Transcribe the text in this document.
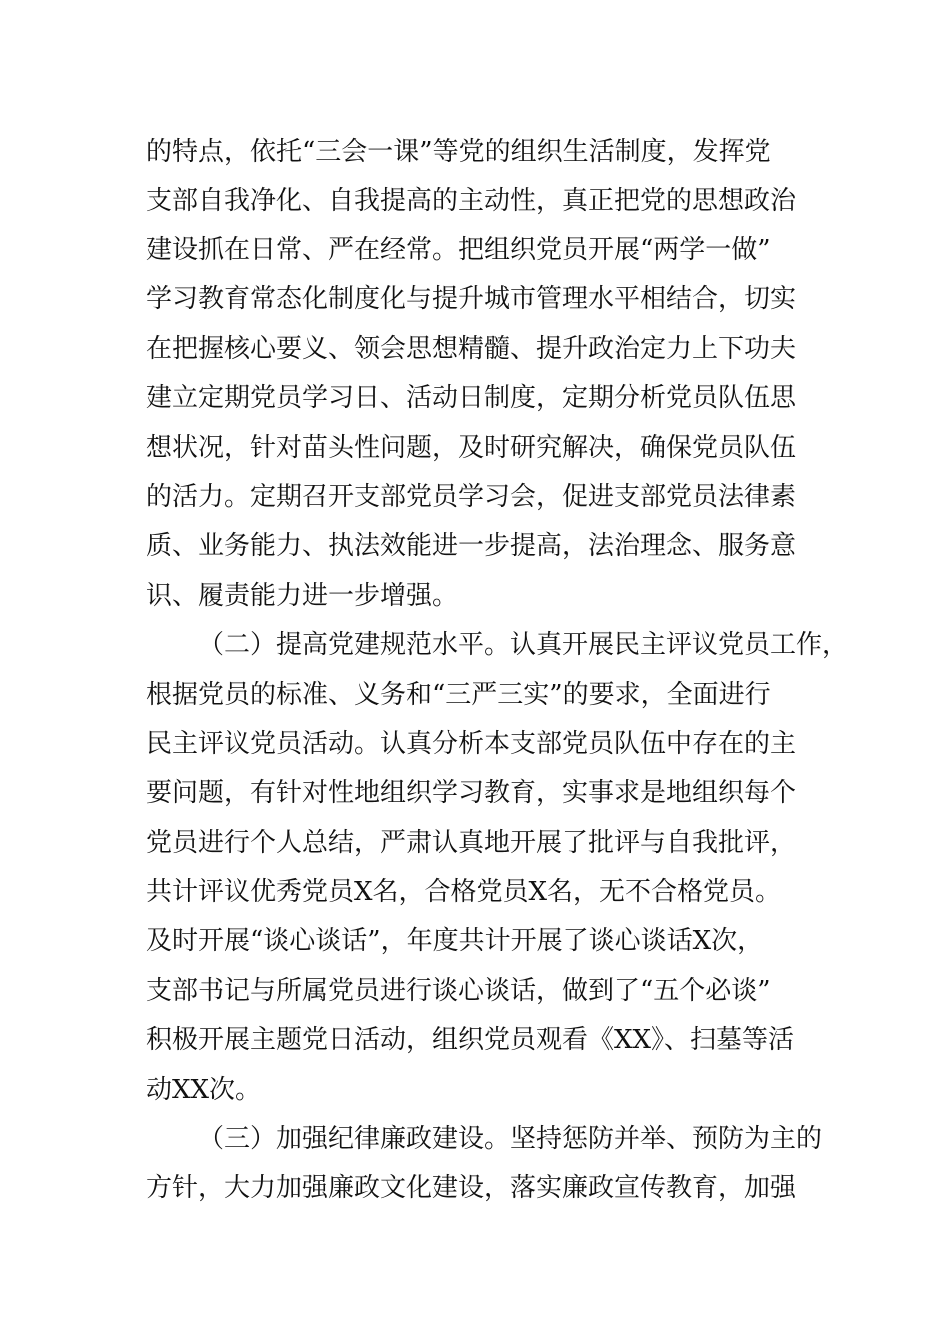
的特点，依托“三会一课”等党的组织生活制度，发挥党
支部自我净化、自我提高的主动性，真正把党的思想政治
建设抓在日常、严在经常。把组织党员开展“两学一做”
学习教育常态化制度化与提升城市管理水平相结合，切实
在把握核心要义、领会思想精髓、提升政治定力上下功夫
建立定期党员学习日、活动日制度，定期分析党员队伍思
想状况，针对苗头性问题，及时研究解决，确保党员队伍
的活力。定期召开支部党员学习会，促进支部党员法律素
质、业务能力、执法效能进一步提高，法治理念、服务意
识、履责能力进一步增强。
（二）提高党建规范水平。认真开展民主评议党员工作，
根据党员的标准、义务和“三严三实”的要求，全面进行
民主评议党员活动。认真分析本支部党员队伍中存在的主
要问题，有针对性地组织学习教育，实事求是地组织每个
党员进行个人总结，严肃认真地开展了批评与自我批评，
共计评议优秀党员X名，合格党员X名，无不合格党员。
及时开展“谈心谈话”，年度共计开展了谈心谈话X次，
支部书记与所属党员进行谈心谈话，做到了“五个必谈”
积极开展主题党日活动，组织党员观看《XX》、扫墓等活
动XX次。
（三）加强纪律廉政建设。坚持惩防并举、预防为主的
方针，大力加强廉政文化建设，落实廉政宣传教育，加强
